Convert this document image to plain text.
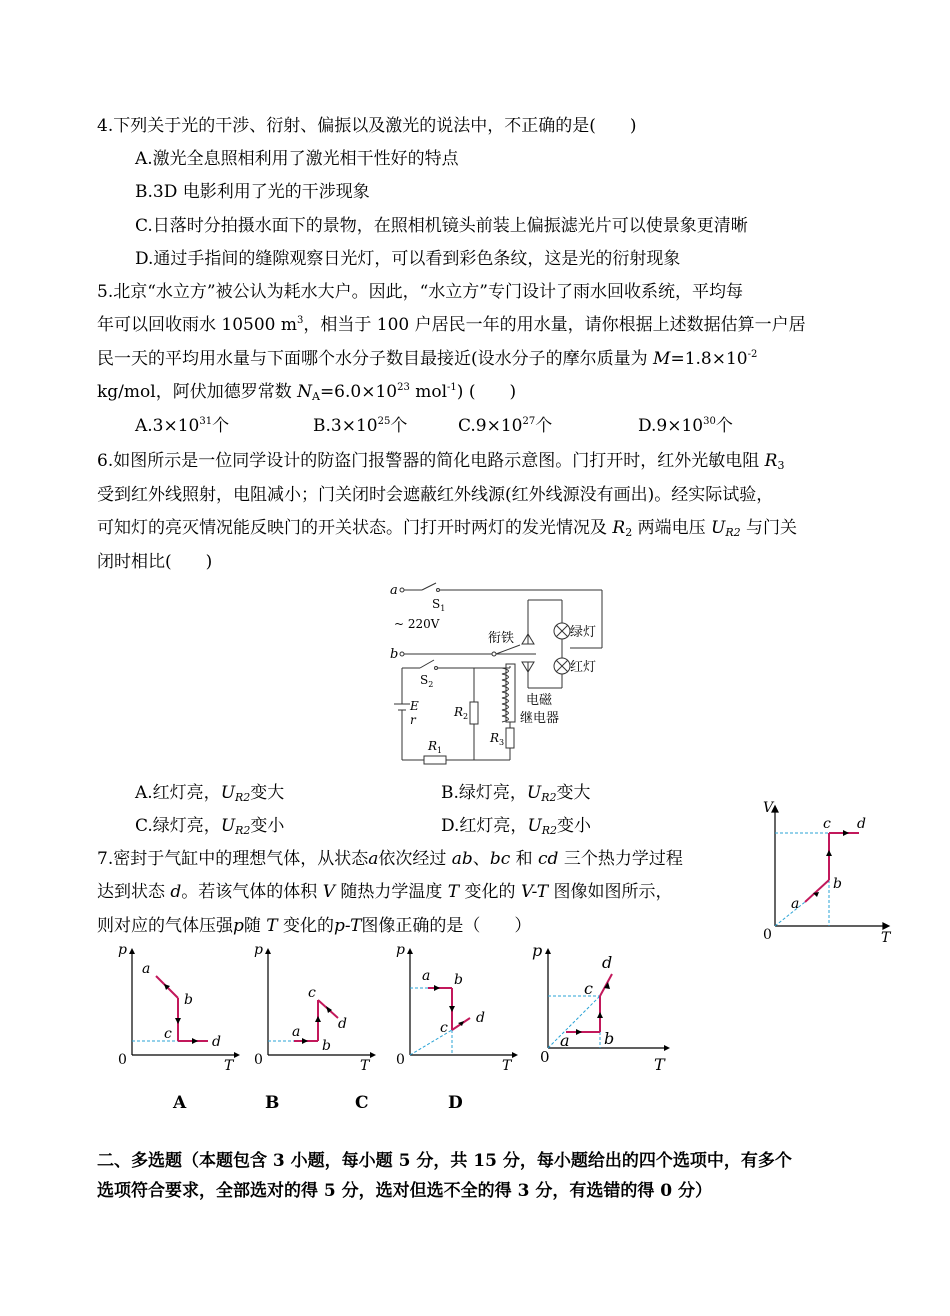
4.下列关于光的干涉、衍射、偏振以及激光的说法中，不正确的是(　　)
A.激光全息照相利用了激光相干性好的特点
B.3D 电影利用了光的干涉现象
C.日落时分拍摄水面下的景物，在照相机镜头前装上偏振滤光片可以使景象更清晰
D.通过手指间的缝隙观察日光灯，可以看到彩色条纹，这是光的衍射现象
5.北京“水立方”被公认为耗水大户。因此，“水立方”专门设计了雨水回收系统，平均每
年可以回收雨水 10500 $m^3$，相当于 100 户居民一年的用水量，请你根据上述数据估算一户居
民一天的平均用水量与下面哪个水分子数目最接近(设水分子的摩尔质量为 $M=1.8\times 10^{-2}$
kg/mol，阿伏加德罗常数 $N_A=6.0\times 10^{23}$ mol$^{-1}$) (　　)
$A.3\times 10^{31}$个	$B.3\times 10^{25}$个	$C.9\times 10^{27}$个	$D.9\times 10^{30}$个
6.如图所示是一位同学设计的防盗门报警器的简化电路示意图。门打开时，红外光敏电阻 $R_3$
受到红外线照射，电阻减小；门关闭时会遮蔽红外线源(红外线源没有画出)。经实际试验，
可知灯的亮灭情况能反映门的开关状态。门打开时两灯的发光情况及 $R_2$ 两端电压 $U_{R2}$ 与门关
闭时相比(　　)
a
b
$S_1$
~ 220V
衔铁	绿灯
红灯
电磁
继电器
$S_2$
E
r
$R_1$
$R_2$
$R_3$
A.红灯亮，$U_{R2}$变大	B.绿灯亮，$U_{R2}$变大
C.绿灯亮，$U_{R2}$变小	D.红灯亮，$U_{R2}$变小
7.密封于气缸中的理想气体，从状态a依次经过 ab、bc 和 cd 三个热力学过程
达到状态 d。若该气体的体积 V 随热力学温度 T 变化的 V-T 图像如图所示，
则对应的气体压强p随 T 变化的p-T图像正确的是（　　）
V
T
0
a
b
c d
p
T
0
a
b
c	d
p
T
0
a
b
c
d
p
T
0
a b
c
d
p
T
0
a b
c
d
A	B	C	D
二、多选题（本题包含 3 小题，每小题 5 分，共 15 分，每小题给出的四个选项中，有多个
选项符合要求，全部选对的得 5 分，选对但选不全的得 3 分，有选错的得 0 分）
